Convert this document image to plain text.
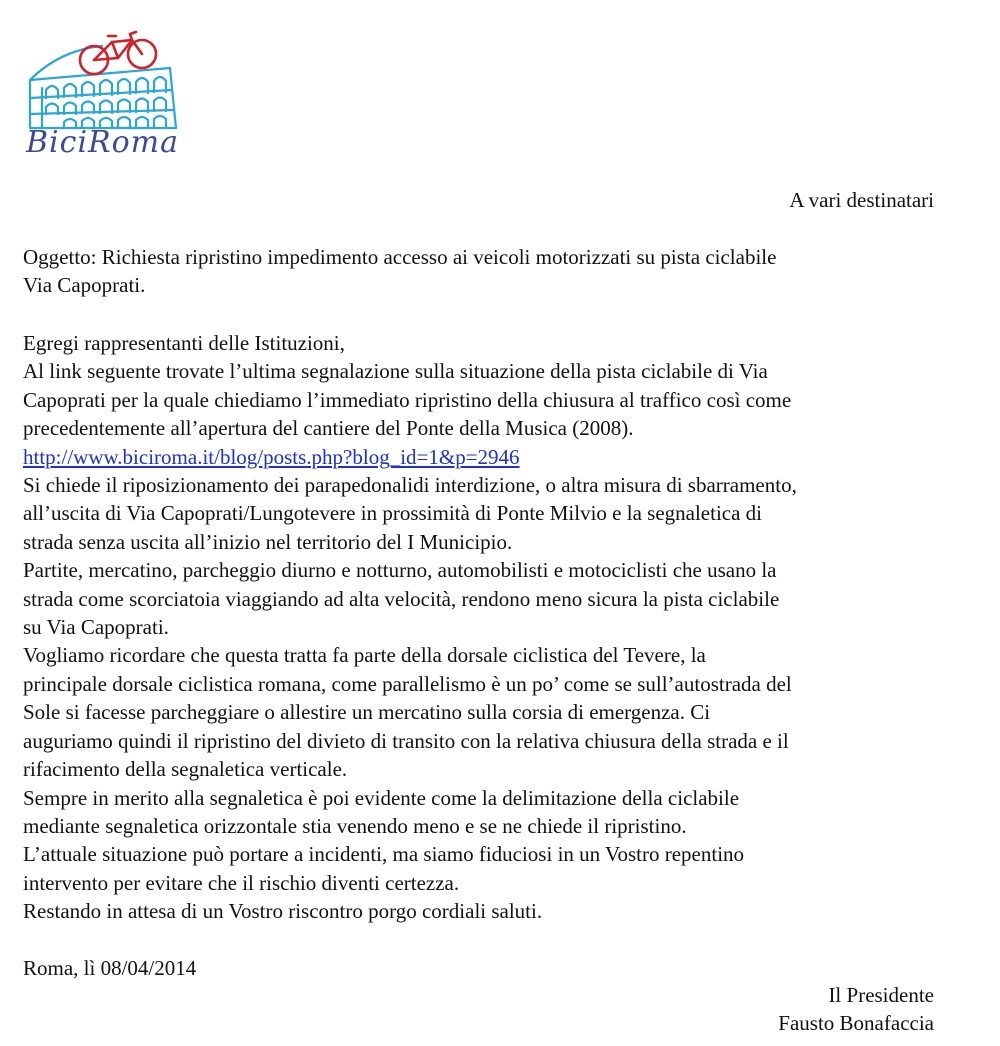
BiciRoma
A vari destinatari
Oggetto: Richiesta ripristino impedimento accesso ai veicoli motorizzati su pista ciclabile
Via Capoprati.

Egregi rappresentanti delle Istituzioni,

Al link seguente trovate l’ultima segnalazione sulla situazione della pista ciclabile di Via

Capoprati per la quale chiediamo l’immediato ripristino della chiusura al traffico così come

precedentemente all’apertura del cantiere del Ponte della Musica (2008).

http://www.biciroma.it/blog/posts.php?blog_id=1&p=2946

Si chiede il riposizionamento dei parapedonalidi interdizione, o altra misura di sbarramento,

all’uscita di Via Capoprati/Lungotevere in prossimità di Ponte Milvio e la segnaletica di

strada senza uscita all’inizio nel territorio del I Municipio.

Partite, mercatino, parcheggio diurno e notturno, automobilisti e motociclisti che usano la

strada come scorciatoia viaggiando ad alta velocità, rendono meno sicura la pista ciclabile

su Via Capoprati.

Vogliamo ricordare che questa tratta fa parte della dorsale ciclistica del Tevere, la

principale dorsale ciclistica romana, come parallelismo è un po’ come se sull’autostrada del

Sole si facesse parcheggiare o allestire un mercatino sulla corsia di emergenza. Ci

auguriamo quindi il ripristino del divieto di transito con la relativa chiusura della strada e il

rifacimento della segnaletica verticale.

Sempre in merito alla segnaletica è poi evidente come la delimitazione della ciclabile

mediante segnaletica orizzontale stia venendo meno e se ne chiede il ripristino.

L’attuale situazione può portare a incidenti, ma siamo fiduciosi in un Vostro repentino

intervento per evitare che il rischio diventi certezza.

Restando in attesa di un Vostro riscontro porgo cordiali saluti.

Roma, lì 08/04/2014
Il Presidente
Fausto Bonafaccia
